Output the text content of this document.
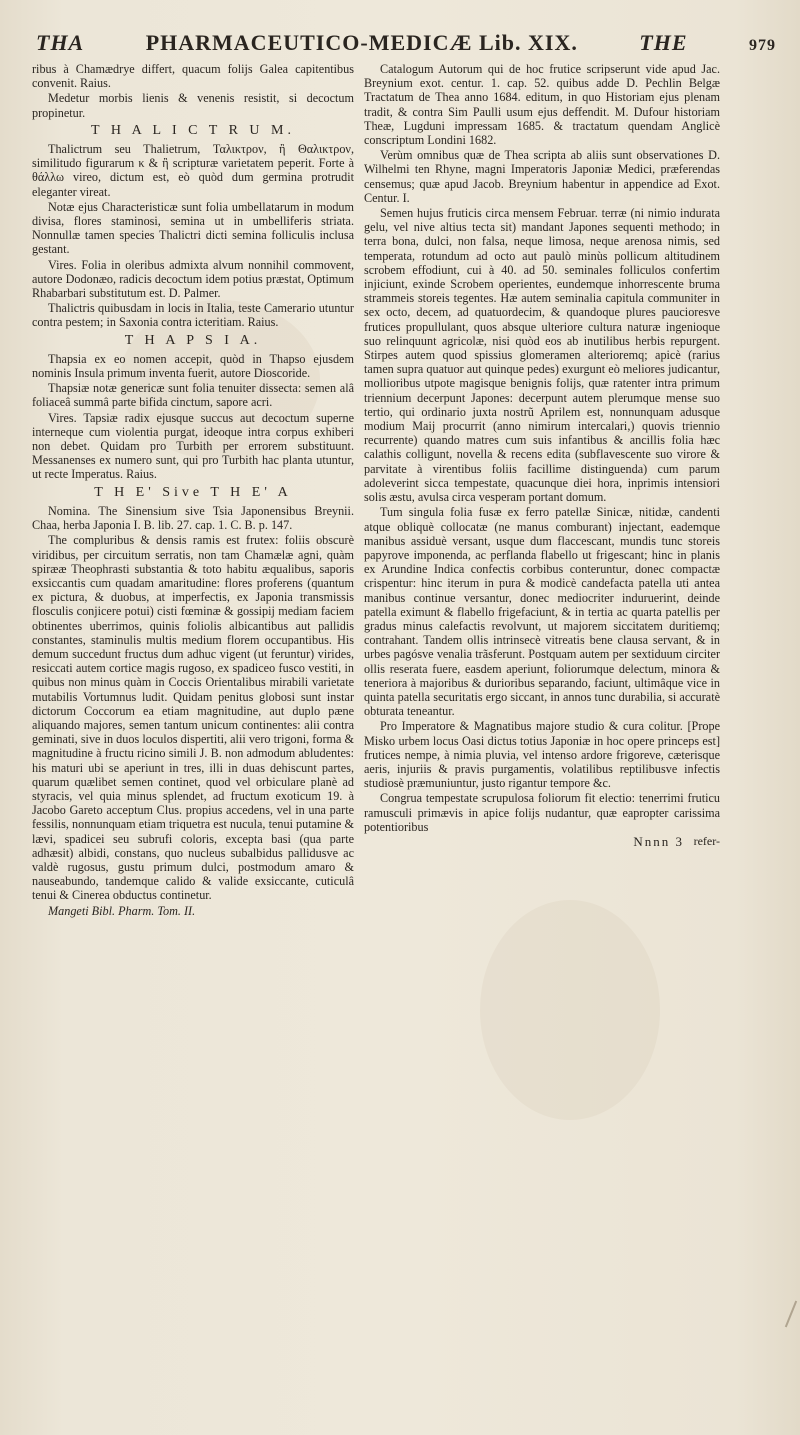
THA	PHARMACEUTICO-MEDICÆ Lib. XIX.	THE	979

ribus à Chamædrye differt, quacum folijs Galea capitentibus convenit. Raius.

Medetur morbis lienis & venenis resistit, si decoctum propinetur.

T H A L I C T R U M.

Thalictrum seu Thalietrum, Ταλικτρον, ἢ Θαλικτρον, similitudo figurarum κ & ἢ scripturæ varietatem peperit. Forte à θάλλω vireo, dictum est, eò quòd dum germina protrudit eleganter vireat.

Notæ ejus Characteristicæ sunt folia umbellatarum in modum divisa, flores staminosi, semina ut in umbelliferis striata. Nonnullæ tamen species Thalictri dicti semina folliculis inclusa gestant.

Vires. Folia in oleribus admixta alvum nonnihil commovent, autore Dodonæo, radicis decoctum idem potius præstat, Optimum Rhabarbari substitutum est. D. Palmer.

Thalictris quibusdam in locis in Italia, teste Camerario utuntur contra pestem; in Saxonia contra icteritiam. Raius.

T H A P S I A.

Thapsia ex eo nomen accepit, quòd in Thapso ejusdem nominis Insula primum inventa fuerit, autore Dioscoride.

Thapsiæ notæ genericæ sunt folia tenuiter dissecta: semen alâ foliaceâ summâ parte bifida cinctum, sapore acri.

Vires. Tapsiæ radix ejusque succus aut decoctum superne interneque cum violentia purgat, ideoque intra corpus exhiberi non debet. Quidam pro Turbith per errorem substituunt. Messanenses ex numero sunt, qui pro Turbith hac planta utuntur, ut recte Imperatus. Raius.

T H E' Sive T H E' A

Nomina. The Sinensium sive Tsia Japonensibus Breynii. Chaa, herba Japonia I. B. lib. 27. cap. 1. C. B. p. 147.

The compluribus & densis ramis est frutex: foliis obscurè viridibus, per circuitum serratis, non tam Chamælæ agni, quàm spirææ Theophrasti substantia & toto habitu æqualibus, saporis exsiccantis cum quadam amaritudine: flores proferens (quantum ex pictura, & duobus, at imperfectis, ex Japonia transmissis flosculis conjicere potui) cisti fœminæ & gossipij mediam faciem obtinentes uberrimos, quinis foliolis albicantibus aut pallidis constantes, staminulis multis medium florem occupantibus. His demum succedunt fructus dum adhuc vigent (ut feruntur) virides, resiccati autem cortice magis rugoso, ex spadiceo fusco vestiti, in quibus non minus quàm in Coccis Orientalibus mirabili varietate mutabilis Vortumnus ludit. Quidam penitus globosi sunt instar dictorum Coccorum ea etiam magnitudine, aut duplo pæne aliquando majores, semen tantum unicum continentes: alii contra geminati, sive in duos loculos dispertiti, alii vero trigoni, forma & magnitudine à fructu ricino simili J. B. non admodum abludentes: his maturi ubi se aperiunt in tres, illi in duas dehiscunt partes, quarum quælibet semen continet, quod vel orbiculare planè ad styracis, vel quia minus splendet, ad fructum exoticum 19. à Jacobo Gareto acceptum Clus. propius accedens, vel in una parte fessilis, nonnunquam etiam triquetra est nucula, tenui putamine & lævi, spadicei seu subrufi coloris, excepta basi (qua parte adhæsit) albidi, constans, quo nucleus subalbidus pallidusve ac valdè rugosus, gustu primum dulci, postmodum amaro & nauseabundo, tandemque calido & valide exsiccante, cuticulâ tenui & Cinerea obductus continetur.

Mangeti Bibl. Pharm. Tom. II.

Catalogum Autorum qui de hoc frutice scripserunt vide apud Jac. Breynium exot. centur. 1. cap. 52. quibus adde D. Pechlin Belgæ Tractatum de Thea anno 1684. editum, in quo Historiam ejus plenam tradit, & contra Sim Paulli usum ejus deffendit. M. Dufour historiam Theæ, Lugduni impressam 1685. & tractatum quendam Anglicè conscriptum Londini 1682.

Verùm omnibus quæ de Thea scripta ab aliis sunt observationes D. Wilhelmi ten Rhyne, magni Imperatoris Japoniæ Medici, præferendas censemus; quæ apud Jacob. Breynium habentur in appendice ad Exot. Centur. I.

Semen hujus fruticis circa mensem Februar. terræ (ni nimio indurata gelu, vel nive altius tecta sit) mandant Japones sequenti methodo; in terra bona, dulci, non falsa, neque limosa, neque arenosa nimis, sed temperata, rotundum ad octo aut paulò minùs pollicum altitudinem scrobem effodiunt, cui à 40. ad 50. seminales folliculos confertim injiciunt, exinde Scrobem operientes, eundemque inhorrescente bruma strammeis storeis tegentes. Hæ autem seminalia capitula communiter in sex octo, decem, ad quatuordecim, & quandoque plures paucioresve frutices propullulant, quos absque ulteriore cultura naturæ ingenioque suo relinquunt agricolæ, nisi quòd eos ab inutilibus herbis repurgent. Stirpes autem quod spissius glomeramen alterioremq; apicè (rarius tamen supra quatuor aut quinque pedes) exurgunt eò meliores judicantur, mollioribus utpote magisque benignis folijs, quæ ratenter intra primum triennium decerpunt Japones: decerpunt autem plerumque mense suo tertio, qui ordinario juxta nostrũ Aprilem est, nonnunquam adusque modium Maij procurrit (anno nimirum intercalari,) quovis triennio recurrente) quando matres cum suis infantibus & ancillis folia hæc calathis colligunt, novella & recens edita (subflavescente suo virore & parvitate à virentibus foliis facillime distinguenda) cum parum adoleverint sicca tempestate, quacunque diei hora, inprimis intensiori solis æstu, avulsa circa vesperam portant domum.

Tum singula folia fusæ ex ferro patellæ Sinicæ, nitidæ, candenti atque obliquè collocatæ (ne manus comburant) injectant, eademque manibus assiduè versant, usque dum flaccescant, mundis tunc storeis papyrove imponenda, ac perflanda flabello ut frigescant; hinc in planis ex Arundine Indica confectis corbibus conteruntur, donec compactæ crispentur: hinc iterum in pura & modicè candefacta patella uti antea manibus continue versantur, donec mediocriter induruerint, deinde patella eximunt & flabello frigefaciunt, & in tertia ac quarta patellis per gradus minus calefactis revolvunt, ut majorem siccitatem duritiemq; contrahant. Tandem ollis intrinsecè vitreatis bene clausa servant, & in urbes pagósve venalia trãsferunt. Postquam autem per sextiduum circiter ollis reserata fuere, easdem aperiunt, foliorumque delectum, minora & teneriora à majoribus & durioribus separando, faciunt, ultimâque vice in quinta patella securitatis ergo siccant, in annos tunc durabilia, si accuratè obturata teneantur.

Pro Imperatore & Magnatibus majore studio & cura colitur. [Prope Misko urbem locus Oasi dictus totius Japoniæ in hoc opere princeps est] frutices nempe, à nimia pluvia, vel intenso ardore frigoreve, cæterisque aeris, injuriis & pravis purgamentis, volatilibus reptilibusve infectis studiosè præmuniuntur, justo rigantur tempore &c.

Congrua tempestate scrupulosa foliorum fit electio: tenerrimi fruticu ramusculi primævis in apice folijs nudantur, quæ eapropter carissima potentioribus

Nnnn 3 refer-
